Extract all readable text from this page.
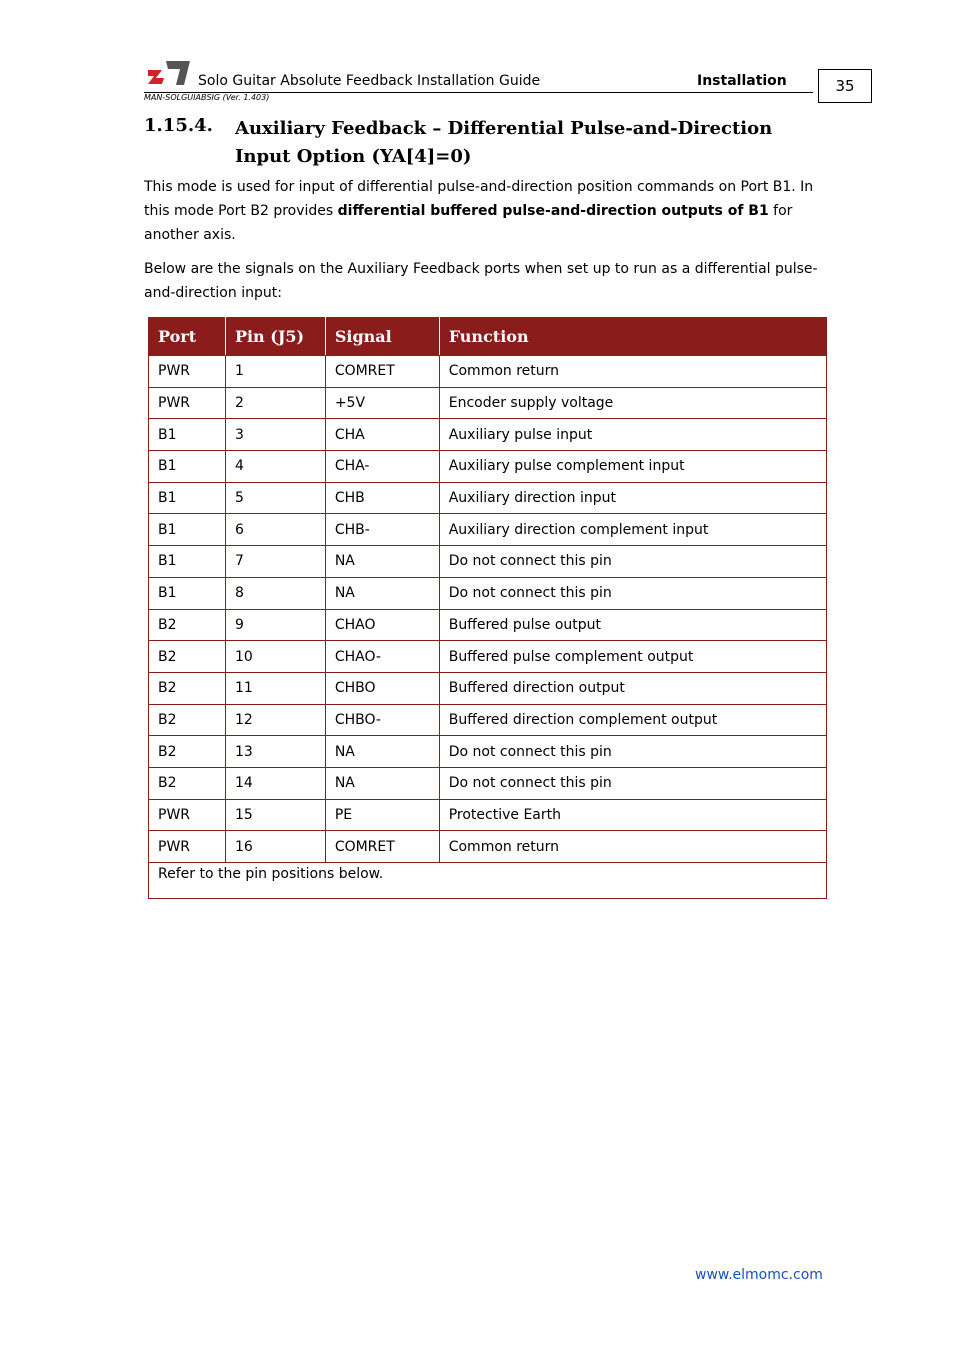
Solo Guitar Absolute Feedback Installation Guide	Installation
MAN-SOLGUIABSIG (Ver. 1.403)
35
1.15.4. Auxiliary Feedback – Differential Pulse-and-Direction Input Option (YA[4]=0)
This mode is used for input of differential pulse-and-direction position commands on Port B1. In this mode Port B2 provides differential buffered pulse-and-direction outputs of B1 for another axis.
Below are the signals on the Auxiliary Feedback ports when set up to run as a differential pulse-and-direction input:
Port	Pin (J5)	Signal	Function
PWR	1	COMRET	Common return
PWR	2	+5V	Encoder supply voltage
B1	3	CHA	Auxiliary pulse input
B1	4	CHA-	Auxiliary pulse complement input
B1	5	CHB	Auxiliary direction input
B1	6	CHB-	Auxiliary direction complement input
B1	7	NA	Do not connect this pin
B1	8	NA	Do not connect this pin
B2	9	CHAO	Buffered pulse output
B2	10	CHAO-	Buffered pulse complement output
B2	11	CHBO	Buffered direction output
B2	12	CHBO-	Buffered direction complement output
B2	13	NA	Do not connect this pin
B2	14	NA	Do not connect this pin
PWR	15	PE	Protective Earth
PWR	16	COMRET	Common return
Refer to the pin positions below.			
www.elmomc.com
